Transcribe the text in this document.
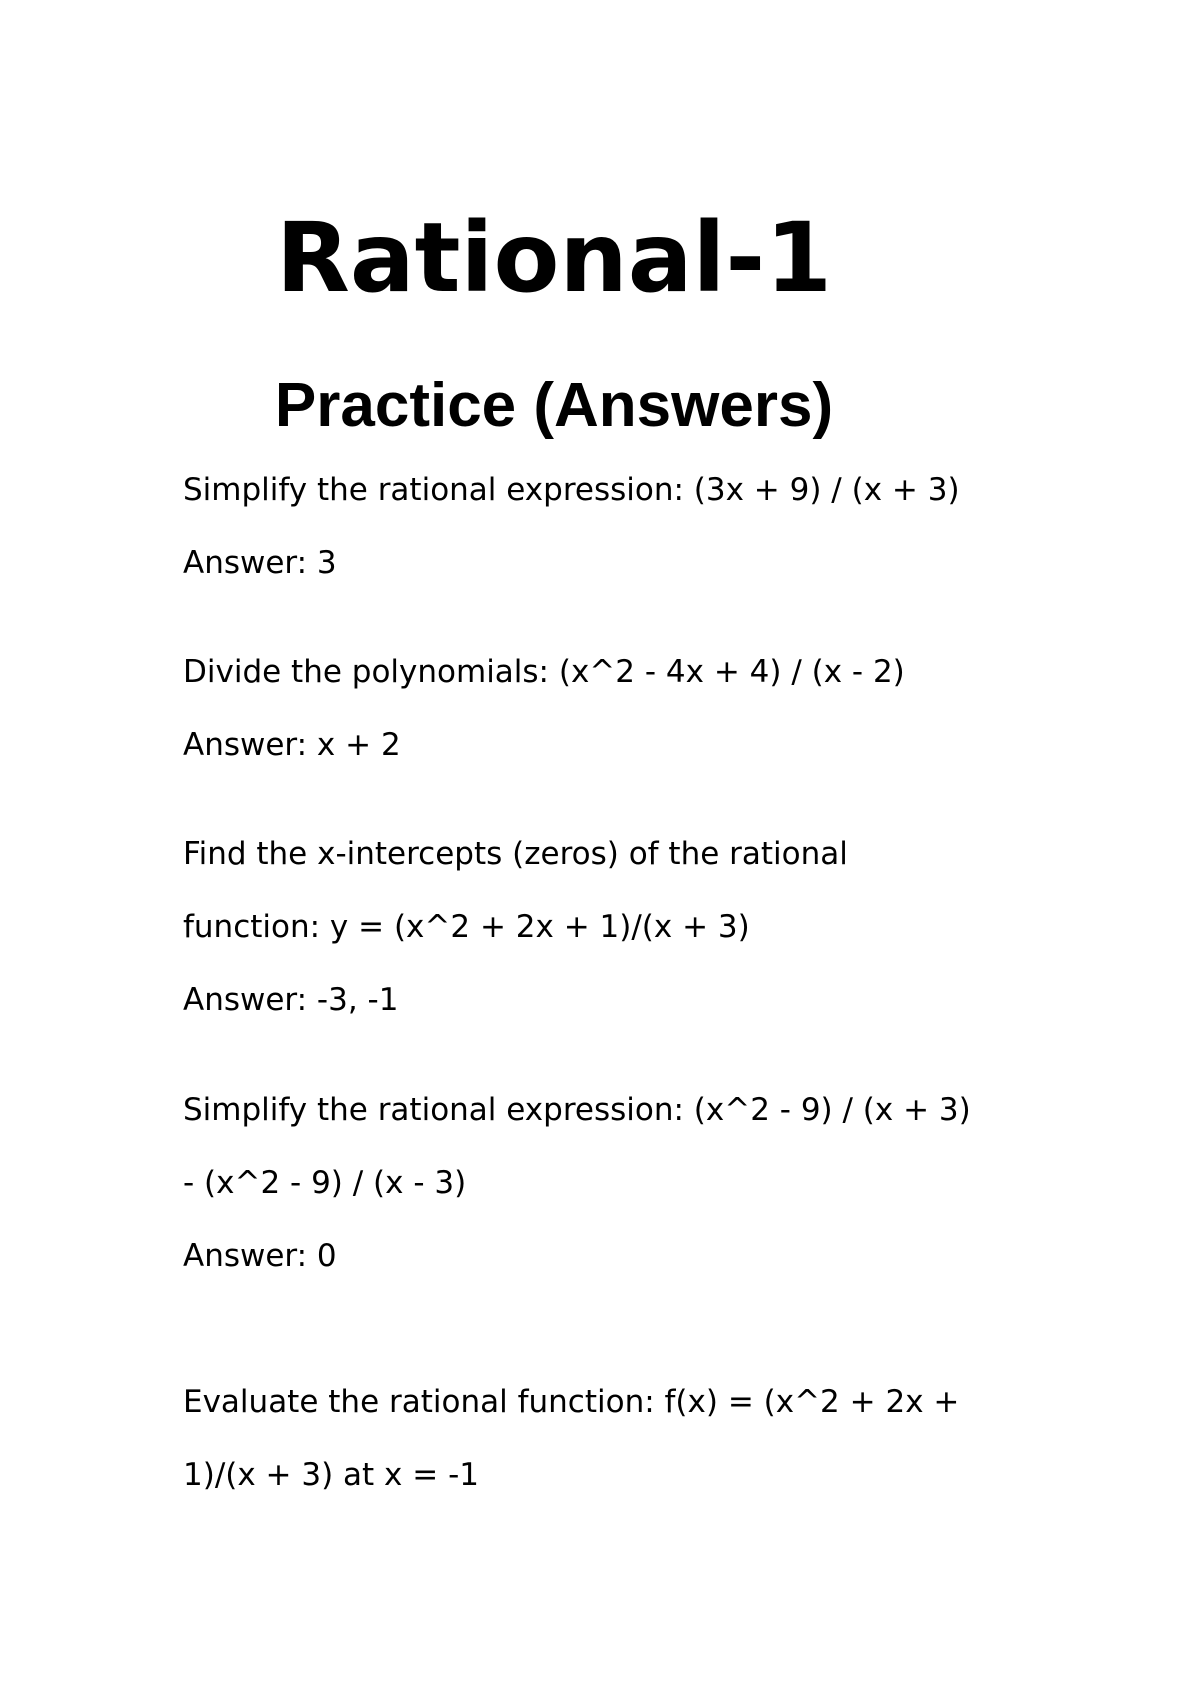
Rational-1
Practice (Answers)

Simplify the rational expression: (3x + 9) / (x + 3)

Answer: 3

Divide the polynomials: (x^2 - 4x + 4) / (x - 2)

Answer: x + 2

Find the x-intercepts (zeros) of the rational

function: y = (x^2 + 2x + 1)/(x + 3)

Answer: -3, -1

Simplify the rational expression: (x^2 - 9) / (x + 3)

- (x^2 - 9) / (x - 3)

Answer: 0

Evaluate the rational function: f(x) = (x^2 + 2x +

1)/(x + 3) at x = -1
